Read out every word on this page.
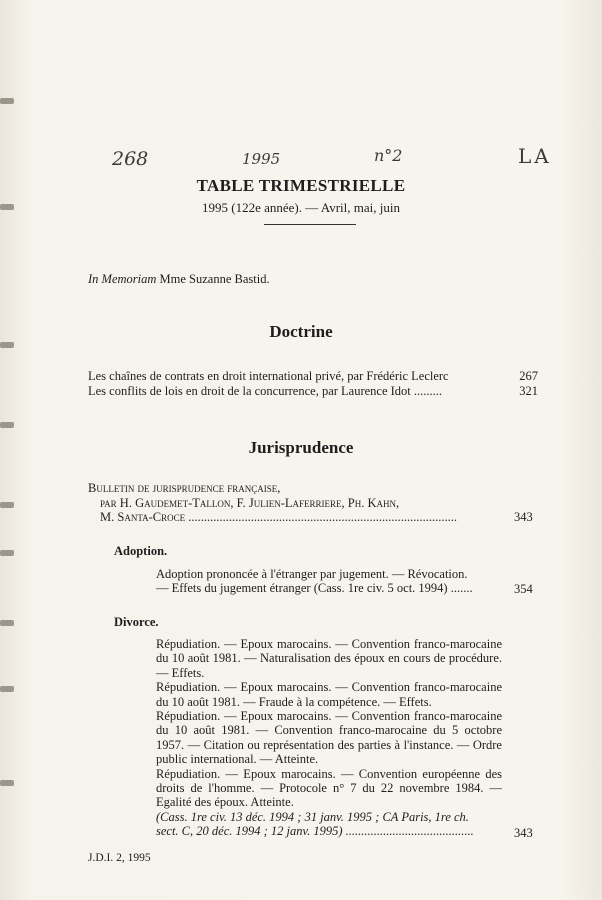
268	1995	n°2	LA
TABLE TRIMESTRIELLE
1995 (122e année). — Avril, mai, juin
In Memoriam Mme Suzanne Bastid.
Doctrine
Les chaînes de contrats en droit international privé, par Frédéric Leclerc	267
Les conflits de lois en droit de la concurrence, par Laurence Idot .........	321
Jurisprudence
Bulletin de jurisprudence française,
par H. Gaudemet-Tallon, F. Julien-Laferriere, Ph. Kahn,
M. Santa-Croce ......................................................................................	343
Adoption.
Adoption prononcée à l'étranger par jugement. — Révocation.
— Effets du jugement étranger (Cass. 1re civ. 5 oct. 1994) .......	354
Divorce.
Répudiation. — Epoux marocains. — Convention franco-marocaine du 10 août 1981. — Naturalisation des époux en cours de procédure. — Effets.
Répudiation. — Epoux marocains. — Convention franco-marocaine du 10 août 1981. — Fraude à la compétence. — Effets.
Répudiation. — Epoux marocains. — Convention franco-marocaine du 10 août 1981. — Convention franco-marocaine du 5 octobre 1957. — Citation ou représentation des parties à l'instance. — Ordre public international. — Atteinte.
Répudiation. — Epoux marocains. — Convention européenne des droits de l'homme. — Protocole n° 7 du 22 novembre 1984. — Egalité des époux. Atteinte.
(Cass. 1re civ. 13 déc. 1994 ; 31 janv. 1995 ; CA Paris, 1re ch.
sect. C, 20 déc. 1994 ; 12 janv. 1995) .........................................	343
J.D.I. 2, 1995
